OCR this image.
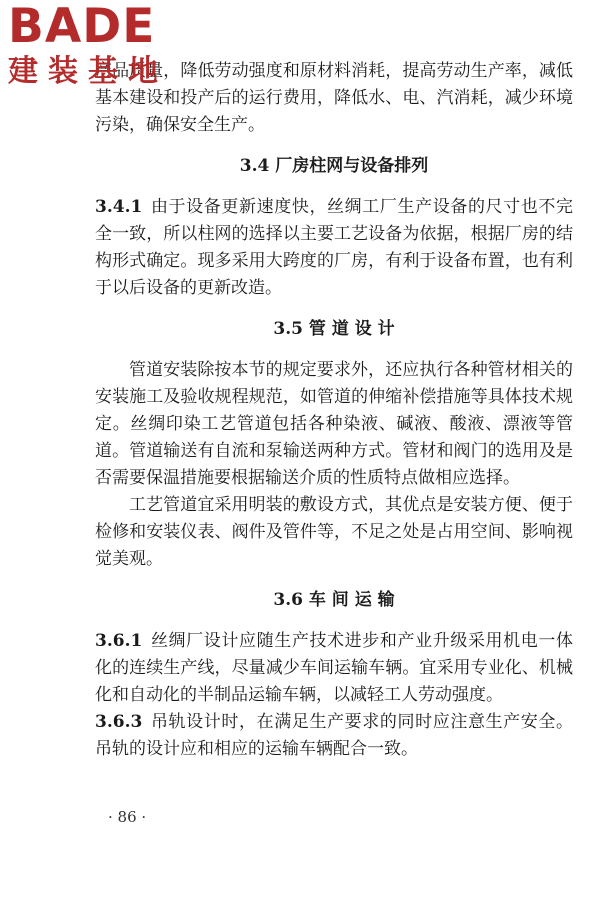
BADE
建装基地

产品质量，降低劳动强度和原材料消耗，提高劳动生产率，减低基本建设和投产后的运行费用，降低水、电、汽消耗，减少环境污染，确保安全生产。

3.4 厂房柱网与设备排列

3.4.1 由于设备更新速度快，丝绸工厂生产设备的尺寸也不完全一致，所以柱网的选择以主要工艺设备为依据，根据厂房的结构形式确定。现多采用大跨度的厂房，有利于设备布置，也有利于以后设备的更新改造。

3.5 管 道 设 计

管道安装除按本节的规定要求外，还应执行各种管材相关的安装施工及验收规程规范，如管道的伸缩补偿措施等具体技术规定。丝绸印染工艺管道包括各种染液、碱液、酸液、漂液等管道。管道输送有自流和泵输送两种方式。管材和阀门的选用及是否需要保温措施要根据输送介质的性质特点做相应选择。

工艺管道宜采用明装的敷设方式，其优点是安装方便、便于检修和安装仪表、阀件及管件等，不足之处是占用空间、影响视觉美观。

3.6 车 间 运 输

3.6.1 丝绸厂设计应随生产技术进步和产业升级采用机电一体化的连续生产线，尽量减少车间运输车辆。宜采用专业化、机械化和自动化的半制品运输车辆，以减轻工人劳动强度。

3.6.3 吊轨设计时，在满足生产要求的同时应注意生产安全。吊轨的设计应和相应的运输车辆配合一致。

· 86 ·
